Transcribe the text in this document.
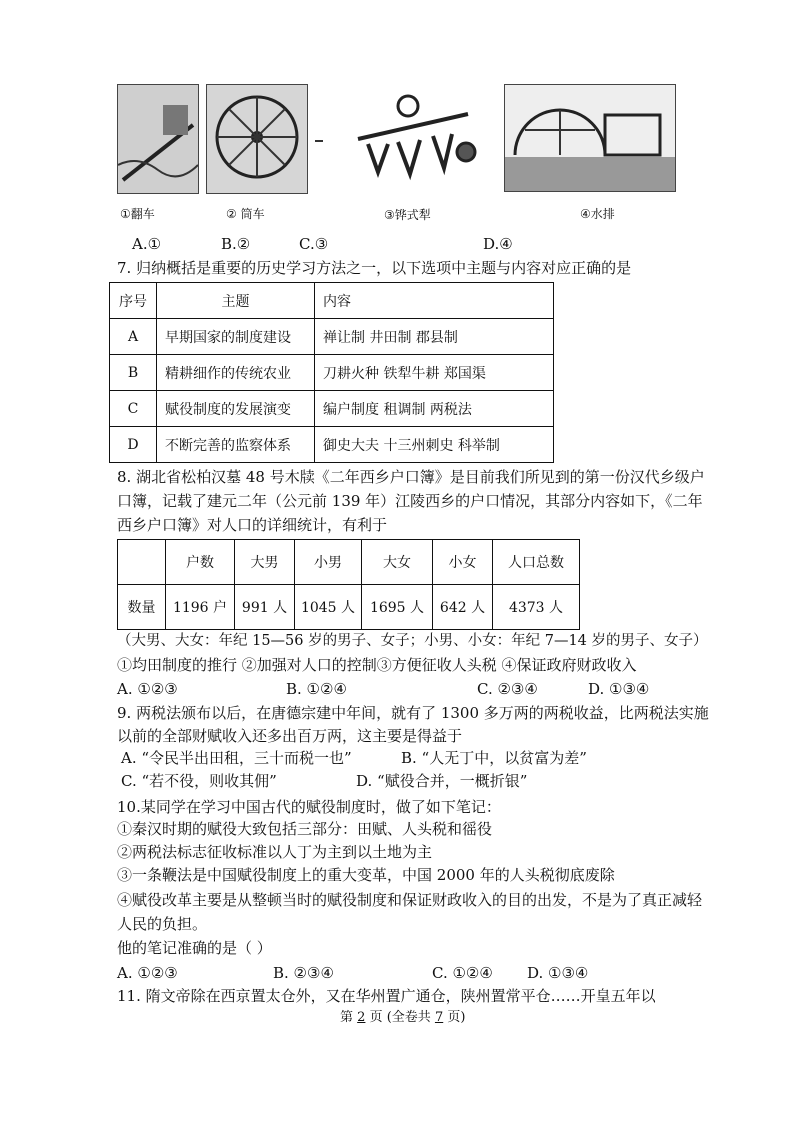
①翻车	② 筒车	③铧式犁	④水排
A.①	B.②	C.③	D.④
7. 归纳概括是重要的历史学习方法之一，以下选项中主题与内容对应正确的是
序号	主题	内容
A	早期国家的制度建设	禅让制 井田制 郡县制
B	精耕细作的传统农业	刀耕火种 铁犁牛耕 郑国渠
C	赋役制度的发展演变	编户制度 租调制 两税法
D	不断完善的监察体系	御史大夫 十三州刺史 科举制
8. 湖北省松柏汉墓 48 号木牍《二年西乡户口簿》是目前我们所见到的第一份汉代乡级户
口簿，记载了建元二年（公元前 139 年）江陵西乡的户口情况，其部分内容如下，《二年
西乡户口簿》对人口的详细统计，有利于
	户数	大男	小男	大女	小女	人口总数
数量	1196 户	991 人	1045 人	1695 人	642 人	4373 人
（大男、大女：年纪 15—56 岁的男子、女子；小男、小女：年纪 7—14 岁的男子、女子）
①均田制度的推行 ②加强对人口的控制③方便征收人头税 ④保证政府财政收入
A. ①②③	B. ①②④	C. ②③④	D. ①③④
9. 两税法颁布以后，在唐德宗建中年间，就有了 1300 多万两的两税收益，比两税法实施
以前的全部财赋收入还多出百万两，这主要是得益于
A. “令民半出田租，三十而税一也”	B. “人无丁中，以贫富为差”
C. “若不役，则收其佣”	D. “赋役合并，一概折银”
10.某同学在学习中国古代的赋役制度时，做了如下笔记：
①秦汉时期的赋役大致包括三部分：田赋、人头税和徭役
②两税法标志征收标准以人丁为主到以土地为主
③一条鞭法是中国赋役制度上的重大变革，中国 2000 年的人头税彻底废除
④赋役改革主要是从整顿当时的赋役制度和保证财政收入的目的出发，不是为了真正减轻
人民的负担。
他的笔记准确的是（ ）
A. ①②③	B. ②③④	C. ①②④ D. ①③④
11. 隋文帝除在西京置太仓外，又在华州置广通仓，陕州置常平仓……开皇五年以
第 2 页 (全卷共 7 页)
